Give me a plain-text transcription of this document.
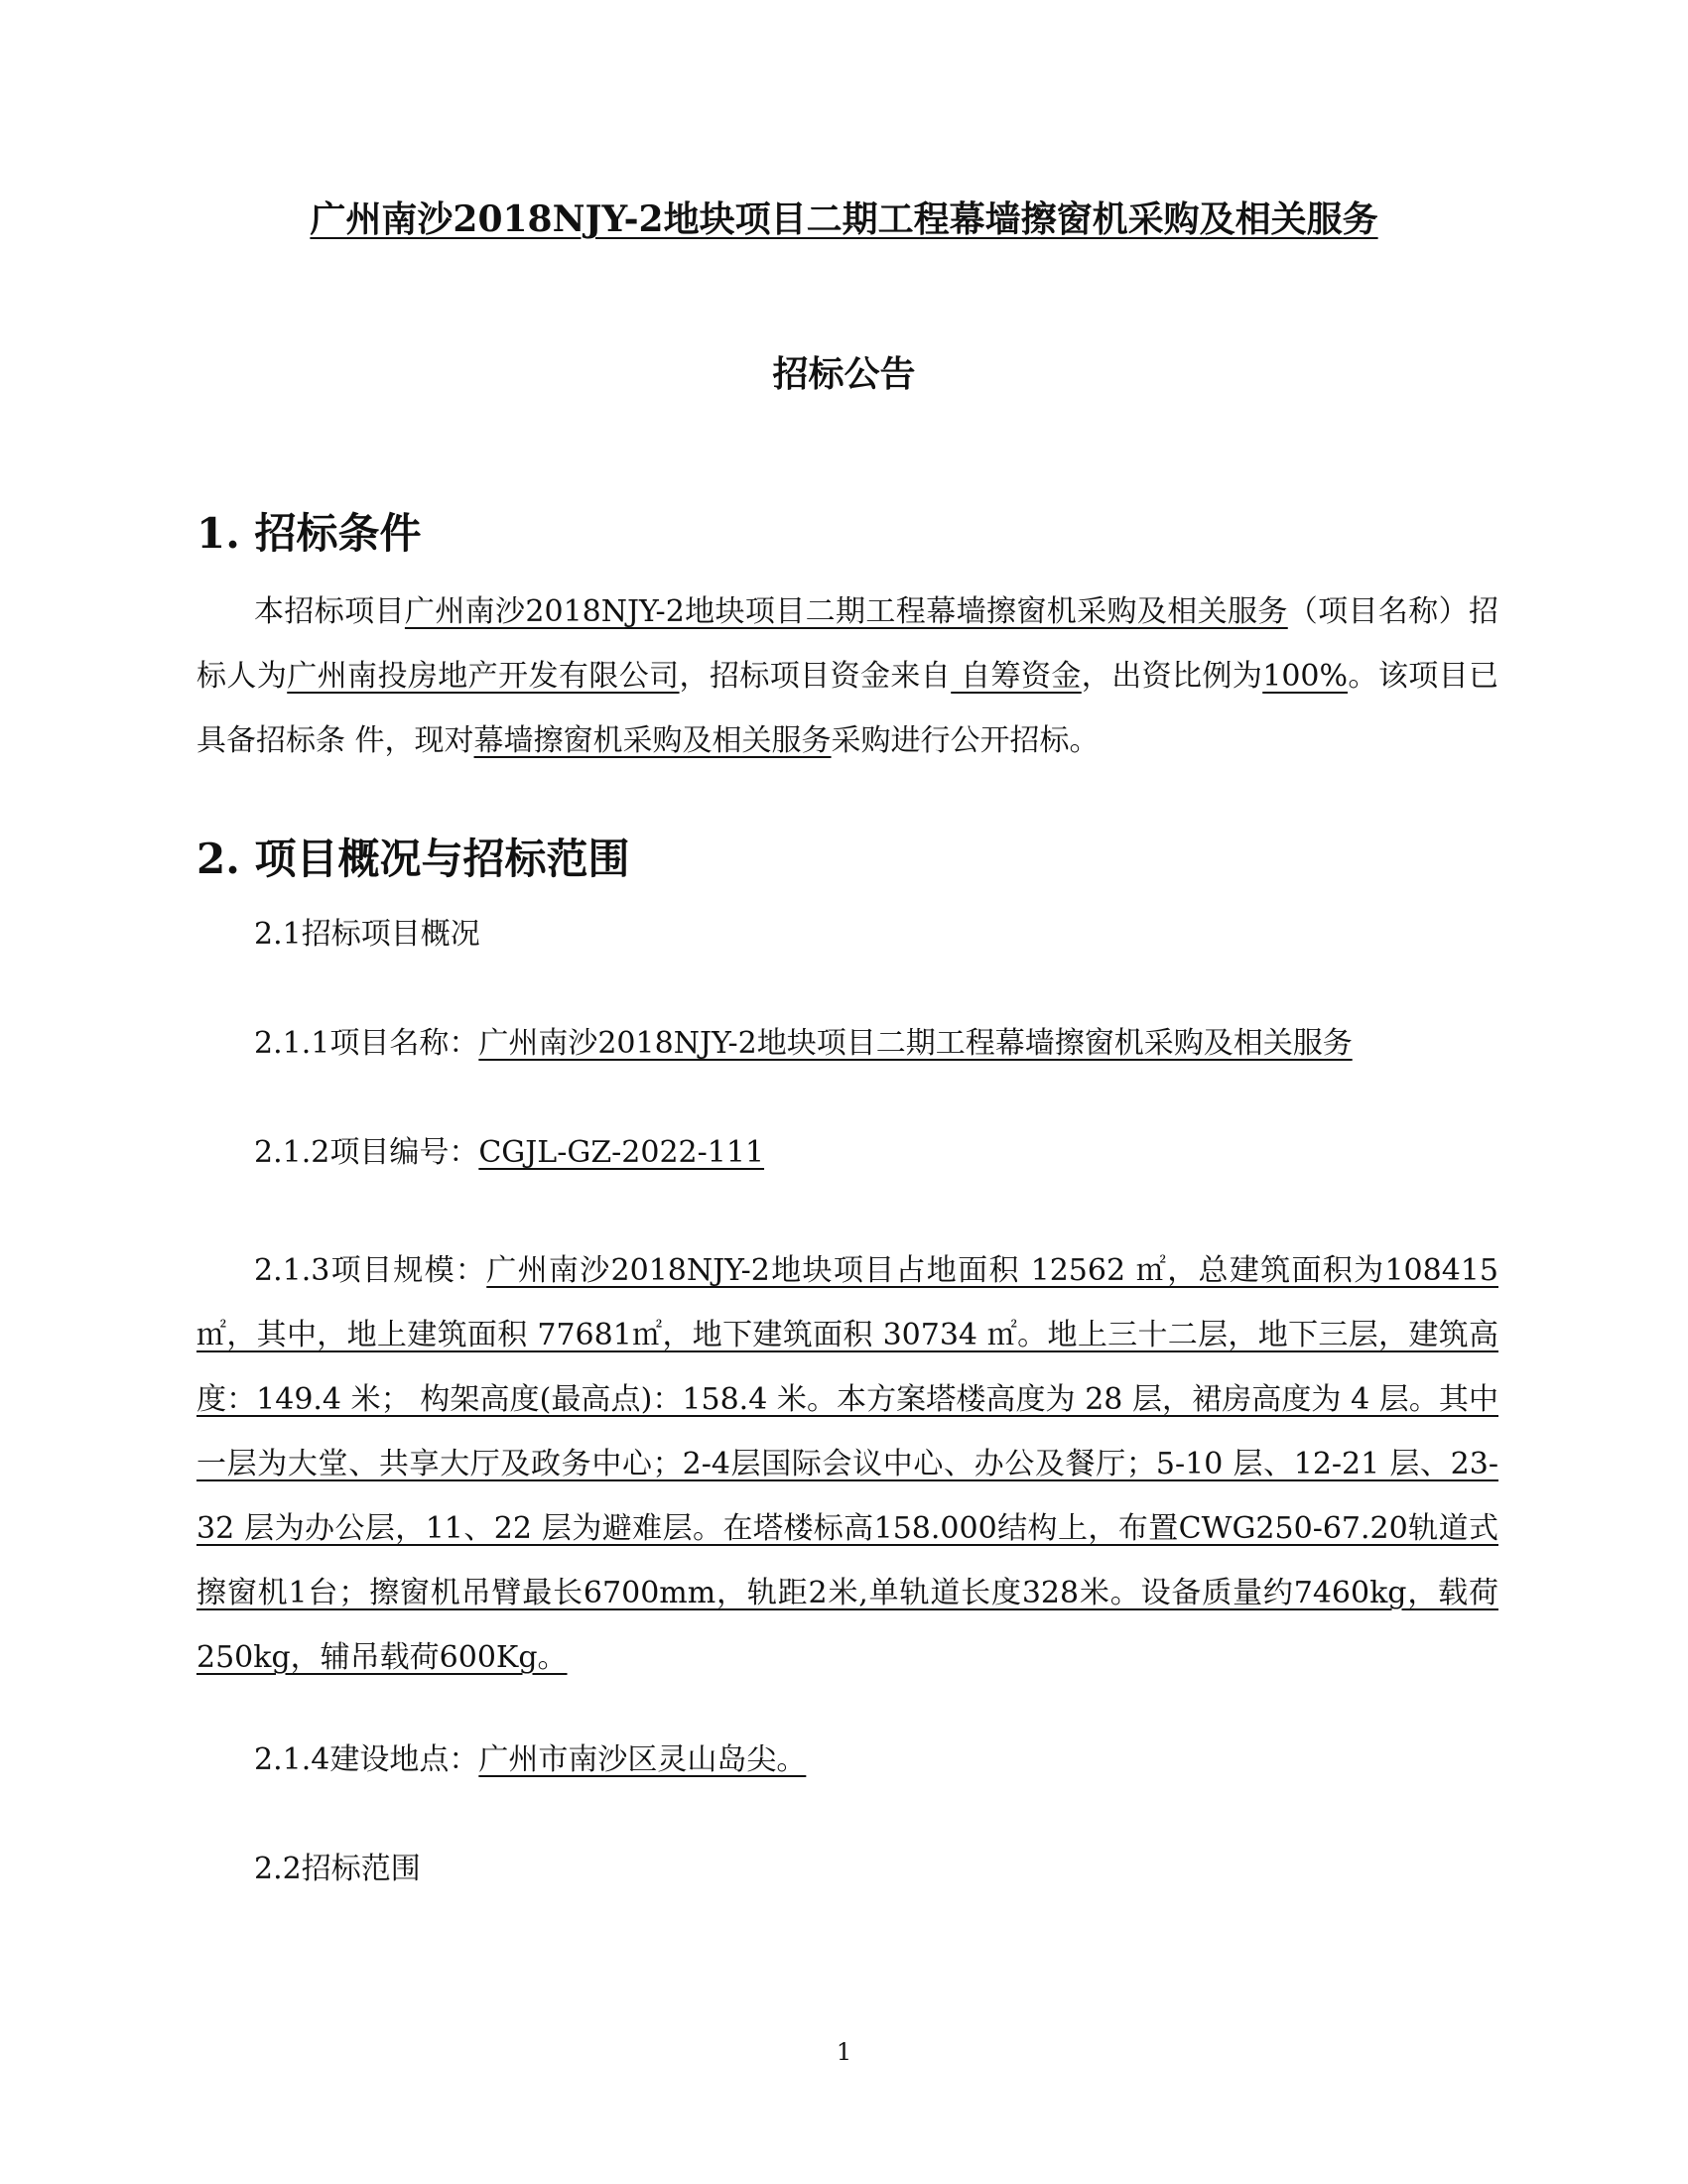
广州南沙2018NJY-2地块项目二期工程幕墙擦窗机采购及相关服务
招标公告
1. 招标条件
本招标项目广州南沙2018NJY-2地块项目二期工程幕墙擦窗机采购及相关服务（项目名称）招标人为广州南投房地产开发有限公司，招标项目资金来自 自筹资金，出资比例为100%。该项目已具备招标条 件，现对幕墙擦窗机采购及相关服务采购进行公开招标。
2. 项目概况与招标范围
2.1招标项目概况
2.1.1项目名称：广州南沙2018NJY-2地块项目二期工程幕墙擦窗机采购及相关服务
2.1.2项目编号：CGJL-GZ-2022-111
2.1.3项目规模：广州南沙2018NJY-2地块项目占地面积 12562 ㎡，总建筑面积为108415 ㎡，其中，地上建筑面积 77681㎡，地下建筑面积 30734 ㎡。地上三十二层，地下三层，建筑高度：149.4 米； 构架高度(最高点)：158.4 米。本方案塔楼高度为 28 层，裙房高度为 4 层。其中一层为大堂、共享大厅及政务中心；2-4层国际会议中心、办公及餐厅；5-10 层、12-21 层、23-32 层为办公层，11、22 层为避难层。在塔楼标高158.000结构上，布置CWG250-67.20轨道式擦窗机1台；擦窗机吊臂最长6700mm，轨距2米,单轨道长度328米。设备质量约7460kg，载荷250kg，辅吊载荷600Kg。
2.1.4建设地点：广州市南沙区灵山岛尖。
2.2招标范围
1
